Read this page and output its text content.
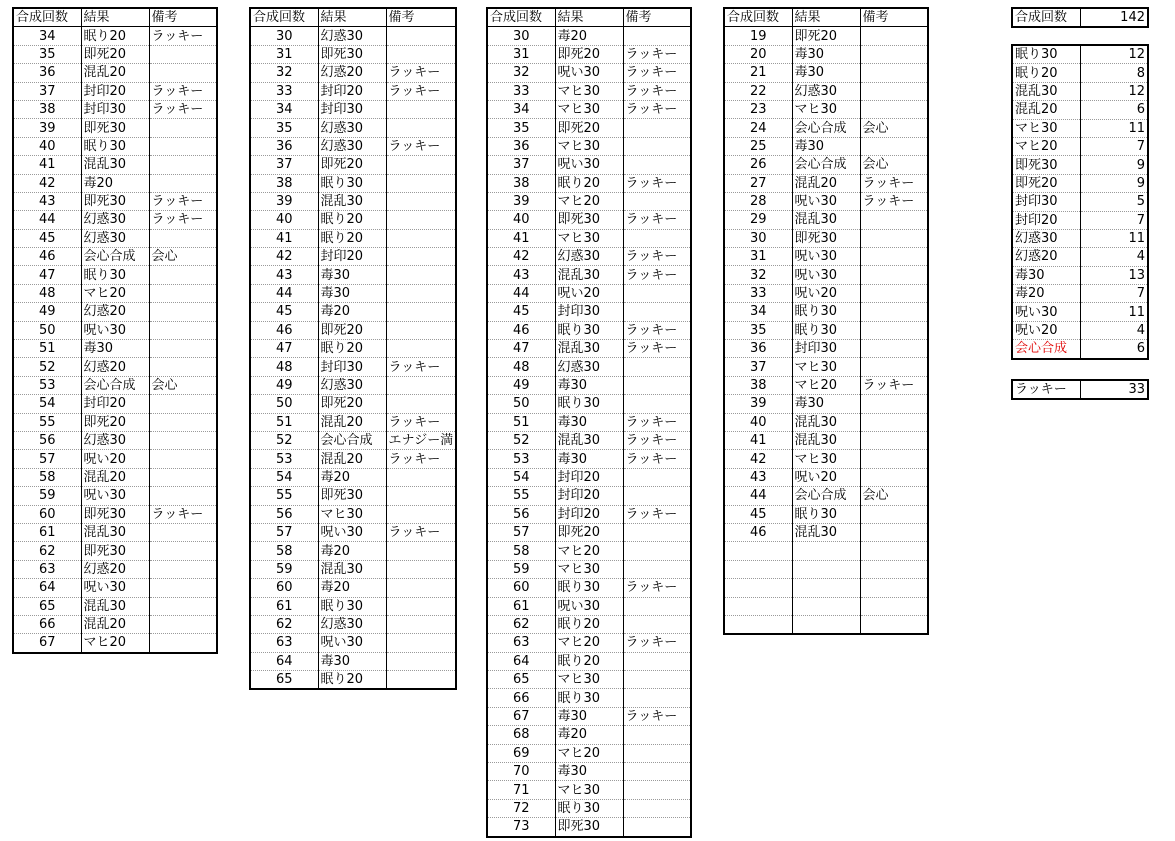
合成回数	結果	備考
34	眠り20	ラッキー
35	即死20	
36	混乱20	
37	封印20	ラッキー
38	封印30	ラッキー
39	即死30	
40	眠り30	
41	混乱30	
42	毒20	
43	即死30	ラッキー
44	幻惑30	ラッキー
45	幻惑30	
46	会心合成	会心
47	眠り30	
48	マヒ20	
49	幻惑20	
50	呪い30	
51	毒30	
52	幻惑20	
53	会心合成	会心
54	封印20	
55	即死20	
56	幻惑30	
57	呪い20	
58	混乱20	
59	呪い30	
60	即死30	ラッキー
61	混乱30	
62	即死30	
63	幻惑20	
64	呪い30	
65	混乱30	
66	混乱20	
67	マヒ20	
合成回数	結果	備考
30	幻惑30	
31	即死30	
32	幻惑20	ラッキー
33	封印20	ラッキー
34	封印30	
35	幻惑30	
36	幻惑30	ラッキー
37	即死20	
38	眠り30	
39	混乱30	
40	眠り20	
41	眠り20	
42	封印20	
43	毒30	
44	毒30	
45	毒20	
46	即死20	
47	眠り20	
48	封印30	ラッキー
49	幻惑30	
50	即死20	
51	混乱20	ラッキー
52	会心合成	エナジー満
53	混乱20	ラッキー
54	毒20	
55	即死30	
56	マヒ30	
57	呪い30	ラッキー
58	毒20	
59	混乱30	
60	毒20	
61	眠り30	
62	幻惑30	
63	呪い30	
64	毒30	
65	眠り20	
合成回数	結果	備考
30	毒20	
31	即死20	ラッキー
32	呪い30	ラッキー
33	マヒ30	ラッキー
34	マヒ30	ラッキー
35	即死20	
36	マヒ30	
37	呪い30	
38	眠り20	ラッキー
39	マヒ20	
40	即死30	ラッキー
41	マヒ30	
42	幻惑30	ラッキー
43	混乱30	ラッキー
44	呪い20	
45	封印30	
46	眠り30	ラッキー
47	混乱30	ラッキー
48	幻惑30	
49	毒30	
50	眠り30	
51	毒30	ラッキー
52	混乱30	ラッキー
53	毒30	ラッキー
54	封印20	
55	封印20	
56	封印20	ラッキー
57	即死20	
58	マヒ20	
59	マヒ30	
60	眠り30	ラッキー
61	呪い30	
62	眠り20	
63	マヒ20	ラッキー
64	眠り20	
65	マヒ30	
66	眠り30	
67	毒30	ラッキー
68	毒20	
69	マヒ20	
70	毒30	
71	マヒ30	
72	眠り30	
73	即死30	
合成回数	結果	備考
19	即死20	
20	毒30	
21	毒30	
22	幻惑30	
23	マヒ30	
24	会心合成	会心
25	毒30	
26	会心合成	会心
27	混乱20	ラッキー
28	呪い30	ラッキー
29	混乱30	
30	即死30	
31	呪い30	
32	呪い30	
33	呪い20	
34	眠り30	
35	眠り30	
36	封印30	
37	マヒ30	
38	マヒ20	ラッキー
39	毒30	
40	混乱30	
41	混乱30	
42	マヒ30	
43	呪い20	
44	会心合成	会心
45	眠り30	
46	混乱30	

合成回数	142
眠り30	12
眠り20	8
混乱30	12
混乱20	6
マヒ30	11
マヒ20	7
即死30	9
即死20	9
封印30	5
封印20	7
幻惑30	11
幻惑20	4
毒30	13
毒20	7
呪い30	11
呪い20	4
会心合成	6
ラッキー	33
